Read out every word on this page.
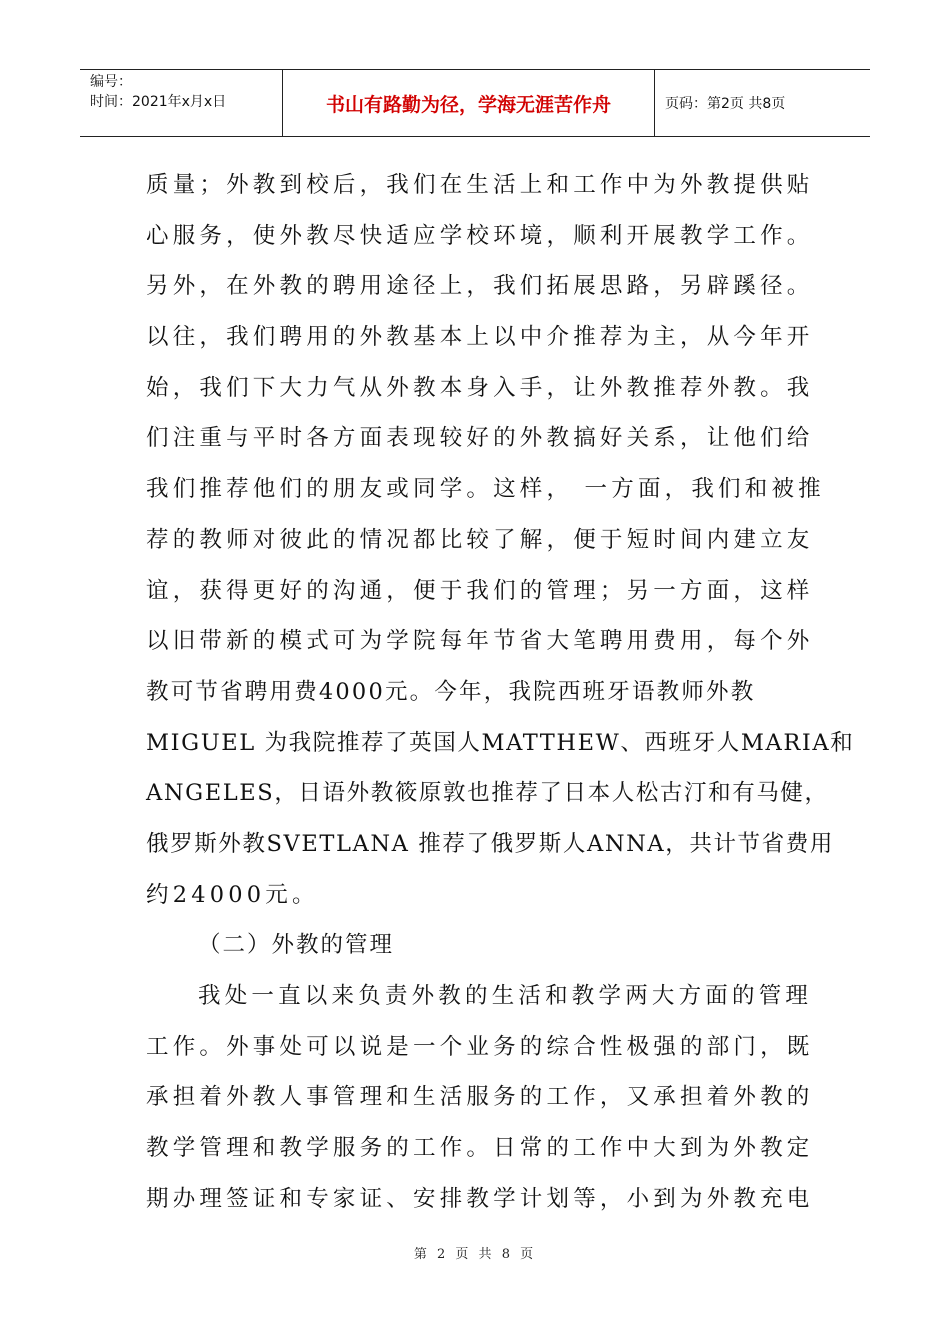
编号：
时间：2021年x月x日	书山有路勤为径，学海无涯苦作舟	页码：第2页 共8页
质量；外教到校后，我们在生活上和工作中为外教提供贴
心服务，使外教尽快适应学校环境，顺利开展教学工作。
另外，在外教的聘用途径上，我们拓展思路，另辟蹊径。
以往，我们聘用的外教基本上以中介推荐为主，从今年开
始，我们下大力气从外教本身入手，让外教推荐外教。我
们注重与平时各方面表现较好的外教搞好关系，让他们给
我们推荐他们的朋友或同学。这样， 一方面，我们和被推
荐的教师对彼此的情况都比较了解，便于短时间内建立友
谊，获得更好的沟通，便于我们的管理；另一方面，这样
以旧带新的模式可为学院每年节省大笔聘用费用，每个外
教可节省聘用费4000元。今年，我院西班牙语教师外教
MIGUEL 为我院推荐了英国人MATTHEW、西班牙人MARIA和
ANGELES，日语外教筱原敦也推荐了日本人松古汀和有马健，
俄罗斯外教SVETLANA 推荐了俄罗斯人ANNA，共计节省费用
约24000元。
（二）外教的管理
我处一直以来负责外教的生活和教学两大方面的管理
工作。外事处可以说是一个业务的综合性极强的部门，既
承担着外教人事管理和生活服务的工作，又承担着外教的
教学管理和教学服务的工作。日常的工作中大到为外教定
期办理签证和专家证、安排教学计划等，小到为外教充电
第 2 页 共 8 页
